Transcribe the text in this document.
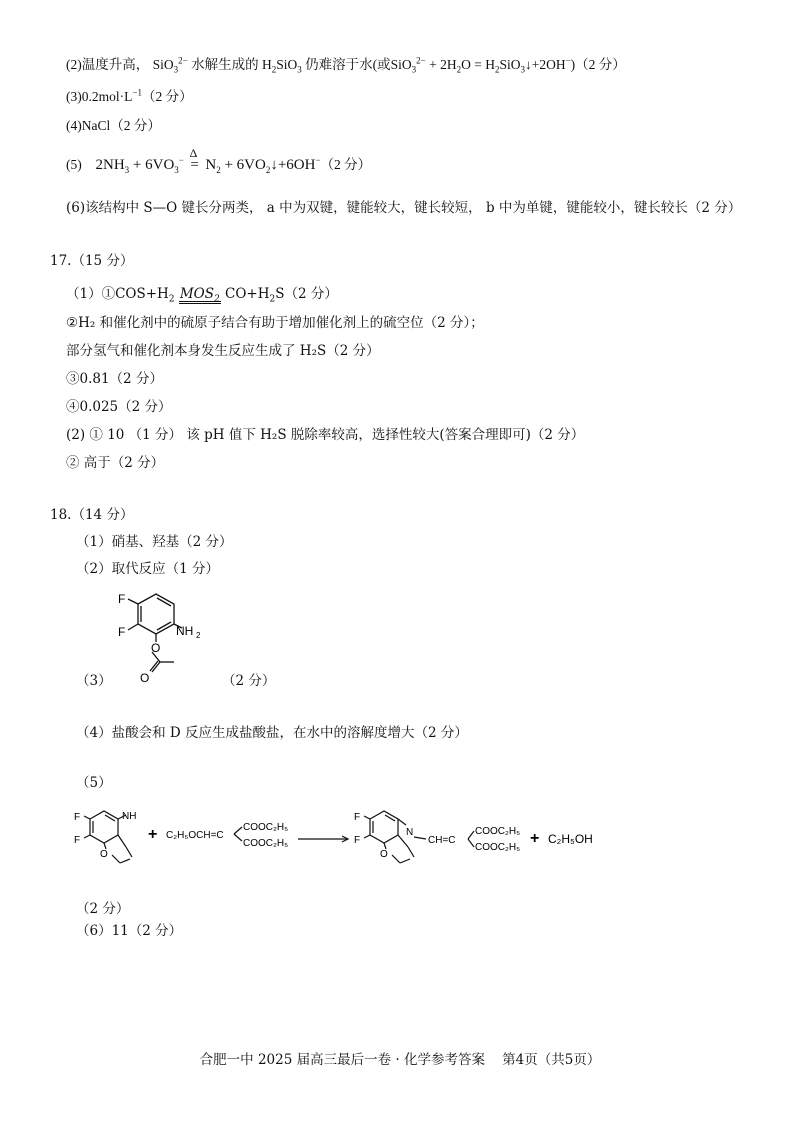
(2)温度升高， SiO$_3^{2-}$ 水解生成的 $H_2SiO_3$ 仍难溶于水(或$SiO_3^{2-} + 2H_2O$ = $H_2SiO_3↓+2OH^-)(2$ 分）
$(3)0.2mol\cdot L^{-1}(2$ 分）
(4)NaCl（2 分）
(5) $2NH_3 + 6VO_3^-$ Δ
= $N_2$ + $6VO_2↓+6OH^-(2$ 分）
(6)该结构中 S—O 键长分两类， a 中为双键，键能较大，键长较短， b 中为单键，键能较小，键长较长（2 分）
17.（15 分）
$(1)①COS+H_2$ $MOS_2$ $CO+H_2S(2$ 分）
②H₂ 和催化剂中的硫原子结合有助于增加催化剂上的硫空位（2 分）；
部分氢气和催化剂本身发生反应生成了 H₂S（2 分）
③0.81（2 分）
④0.025（2 分）
(2) ① 10 （1 分） 该 pH 值下 H₂S 脱除率较高，选择性较大(答案合理即可)（2 分）
② 高于（2 分）
18.（14 分）
（1）硝基、羟基（2 分）
（2）取代反应（1 分）
F
F	NH 2
O
O
（3）	（2 分）
（4）盐酸会和 D 反应生成盐酸盐，在水中的溶解度增大（2 分）
（5）
F
F
NH
O
+ C₂H₅OCH=C
COOC₂H₅
COOC₂H₅
F
F
N
O
CH=C
COOC₂H₅
COOC₂H₅
+ C₂H₅OH
（2 分）
（6）11（2 分）
合肥一中 2025 届高三最后一卷 · 化学参考答案    第4页（共5页）
